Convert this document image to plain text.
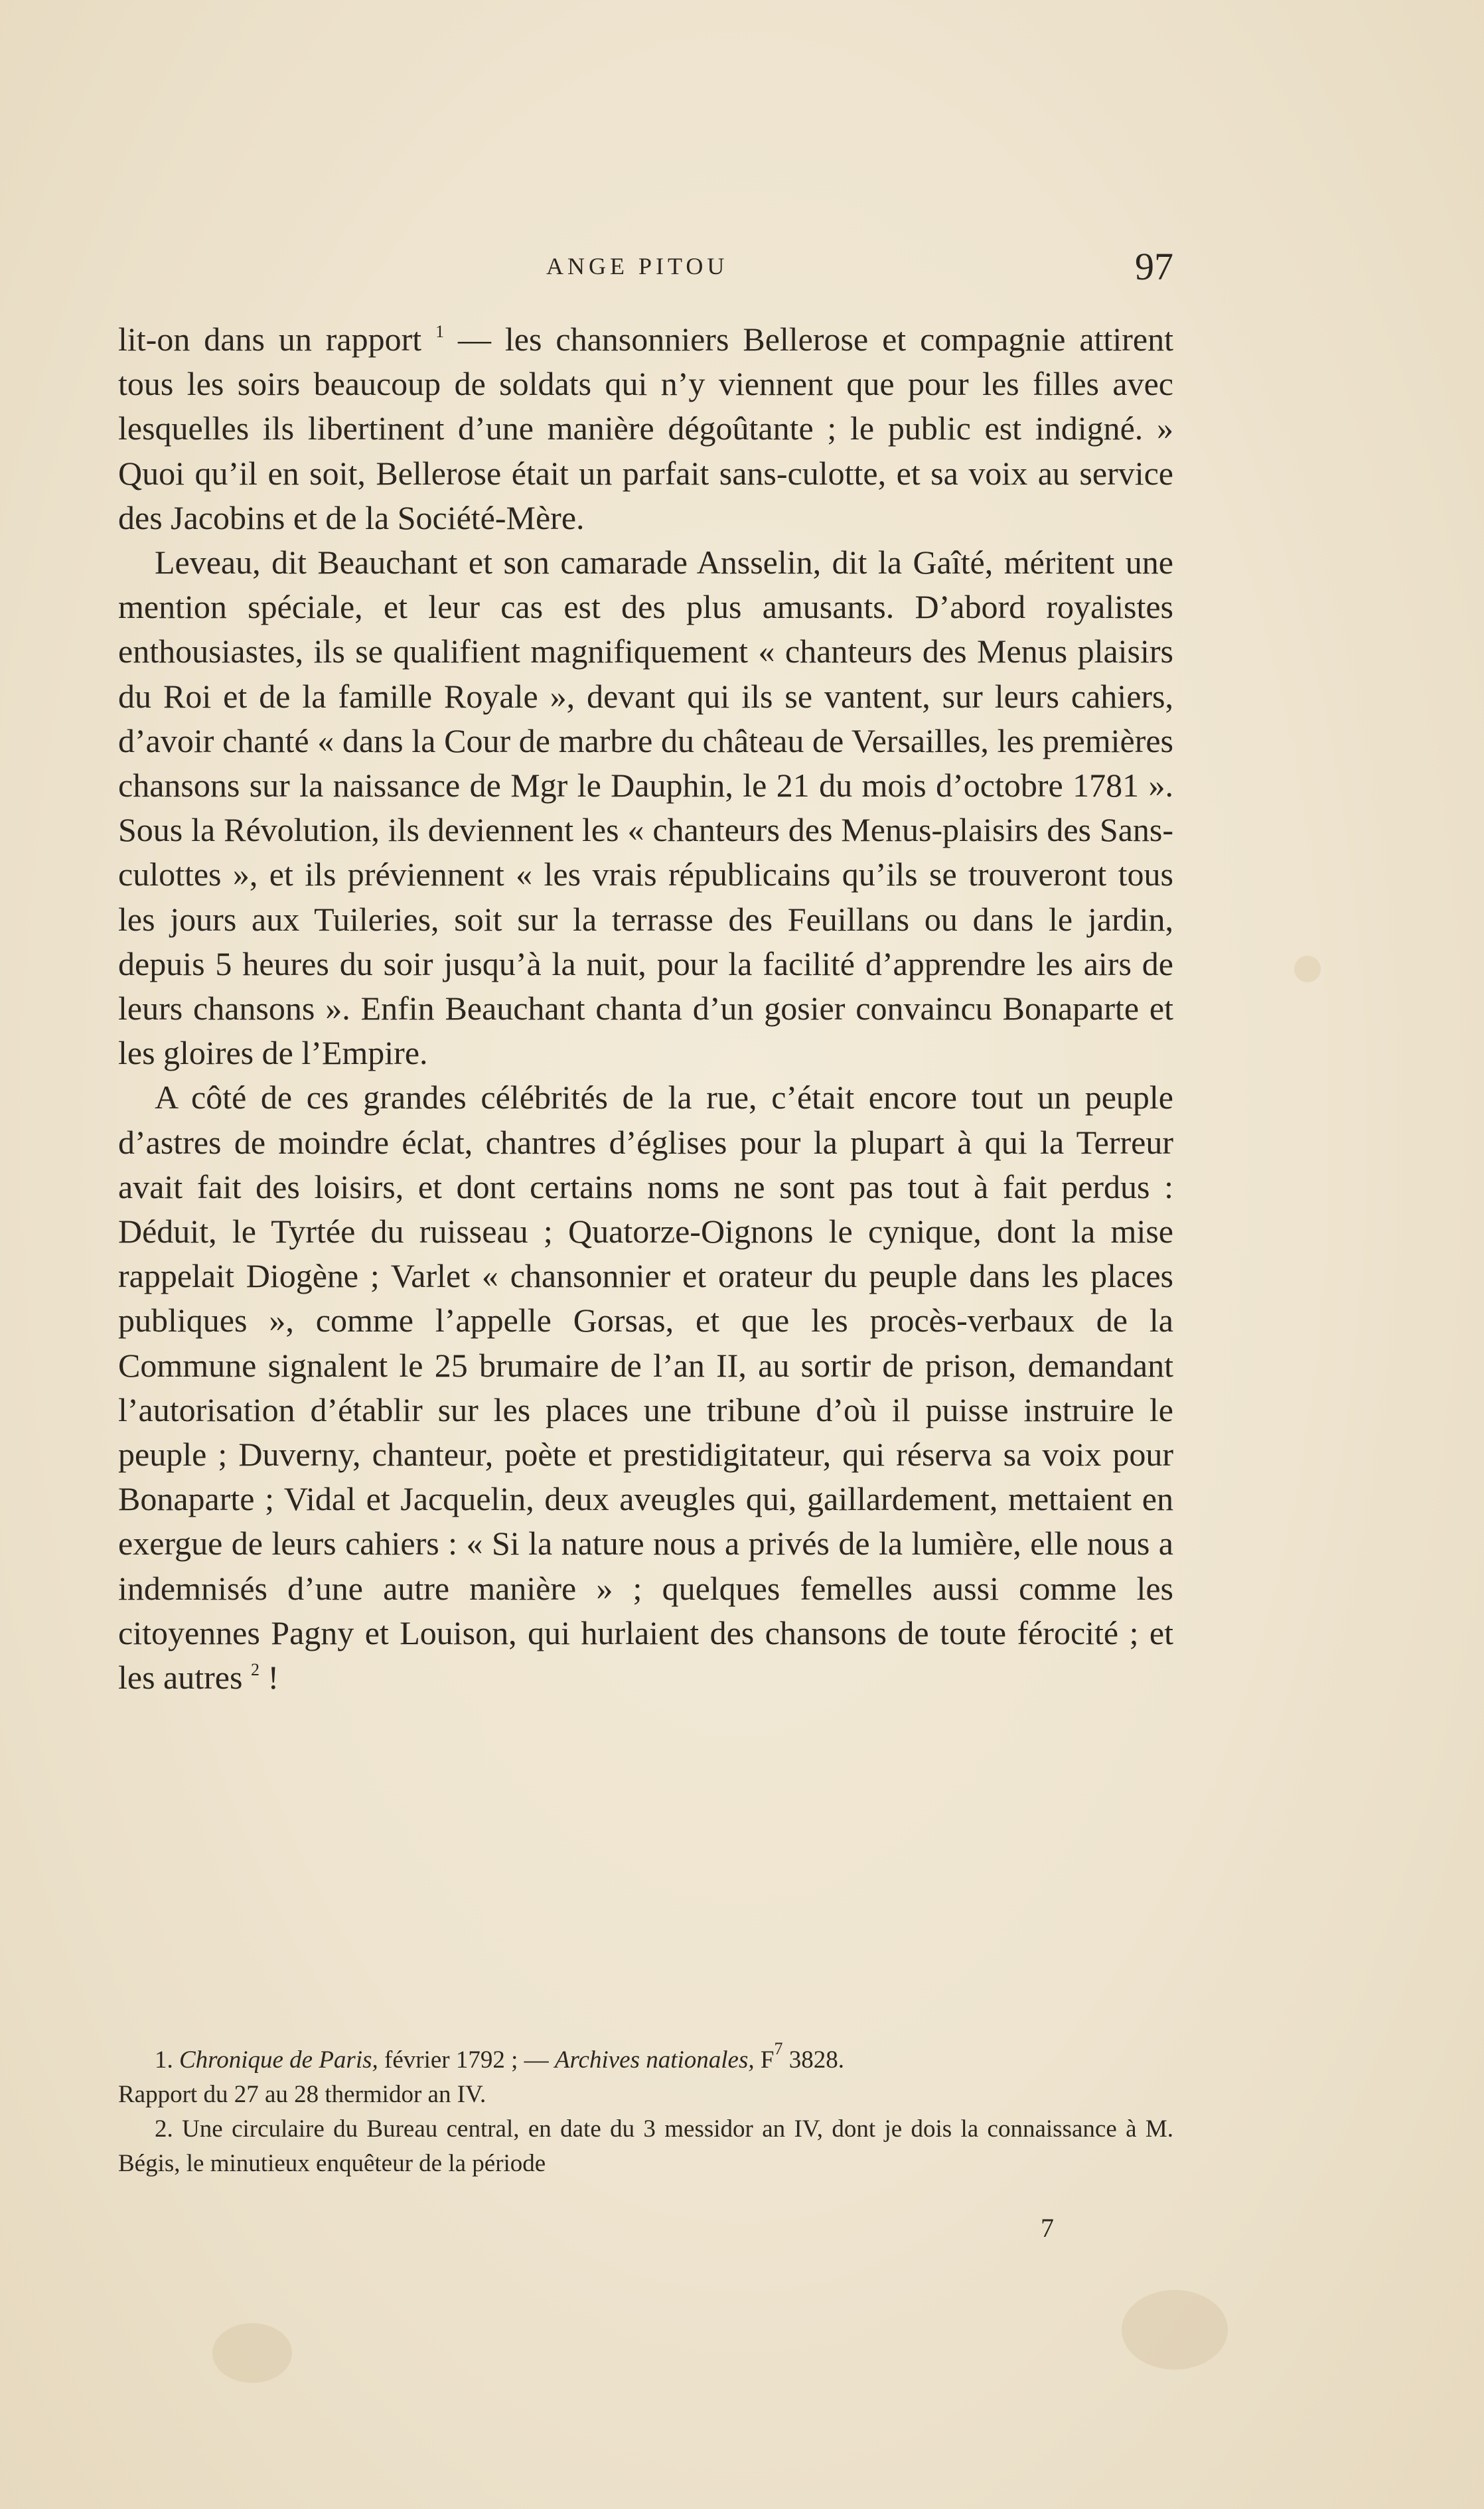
ANGE PITOU	97

lit-on dans un rapport $^1$ — les chansonniers Bellerose et compagnie attirent tous les soirs beaucoup de soldats qui n’y viennent que pour les filles avec lesquelles ils libertinent d’une manière dégoûtante ; le public est indigné. » Quoi qu’il en soit, Bellerose était un parfait sans-culotte, et sa voix au service des Jacobins et de la Société-Mère.

Leveau, dit Beauchant et son camarade Ansselin, dit la Gaîté, méritent une mention spéciale, et leur cas est des plus amusants. D’abord royalistes enthousiastes, ils se qualifient magnifiquement « chanteurs des Menus plaisirs du Roi et de la famille Royale », devant qui ils se vantent, sur leurs cahiers, d’avoir chanté « dans la Cour de marbre du château de Versailles, les premières chansons sur la naissance de Mgr le Dauphin, le 21 du mois d’octobre 1781 ». Sous la Révolution, ils deviennent les « chanteurs des Menus-plaisirs des Sans-culottes », et ils préviennent « les vrais républicains qu’ils se trouveront tous les jours aux Tuileries, soit sur la terrasse des Feuillans ou dans le jardin, depuis 5 heures du soir jusqu’à la nuit, pour la facilité d’apprendre les airs de leurs chansons ». Enfin Beauchant chanta d’un gosier convaincu Bonaparte et les gloires de l’Empire.

A côté de ces grandes célébrités de la rue, c’était encore tout un peuple d’astres de moindre éclat, chantres d’églises pour la plupart à qui la Terreur avait fait des loisirs, et dont certains noms ne sont pas tout à fait perdus : Déduit, le Tyrtée du ruisseau ; Quatorze-Oignons le cynique, dont la mise rappelait Diogène ; Varlet « chansonnier et orateur du peuple dans les places publiques », comme l’appelle Gorsas, et que les procès-verbaux de la Commune signalent le 25 brumaire de l’an II, au sortir de prison, demandant l’autorisation d’établir sur les places une tribune d’où il puisse instruire le peuple ; Duverny, chanteur, poète et prestidigitateur, qui réserva sa voix pour Bonaparte ; Vidal et Jacquelin, deux aveugles qui, gaillardement, mettaient en exergue de leurs cahiers : « Si la nature nous a privés de la lumière, elle nous a indemnisés d’une autre manière » ; quelques femelles aussi comme les citoyennes Pagny et Louison, qui hurlaient des chansons de toute férocité ; et les autres $^2$ !

1. Chronique de Paris, février 1792 ; — Archives nationales, $F^7$ 3828.
Rapport du 27 au 28 thermidor an IV.

2. Une circulaire du Bureau central, en date du 3 messidor an IV, dont je dois la connaissance à M. Bégis, le minutieux enquêteur de la période

7
